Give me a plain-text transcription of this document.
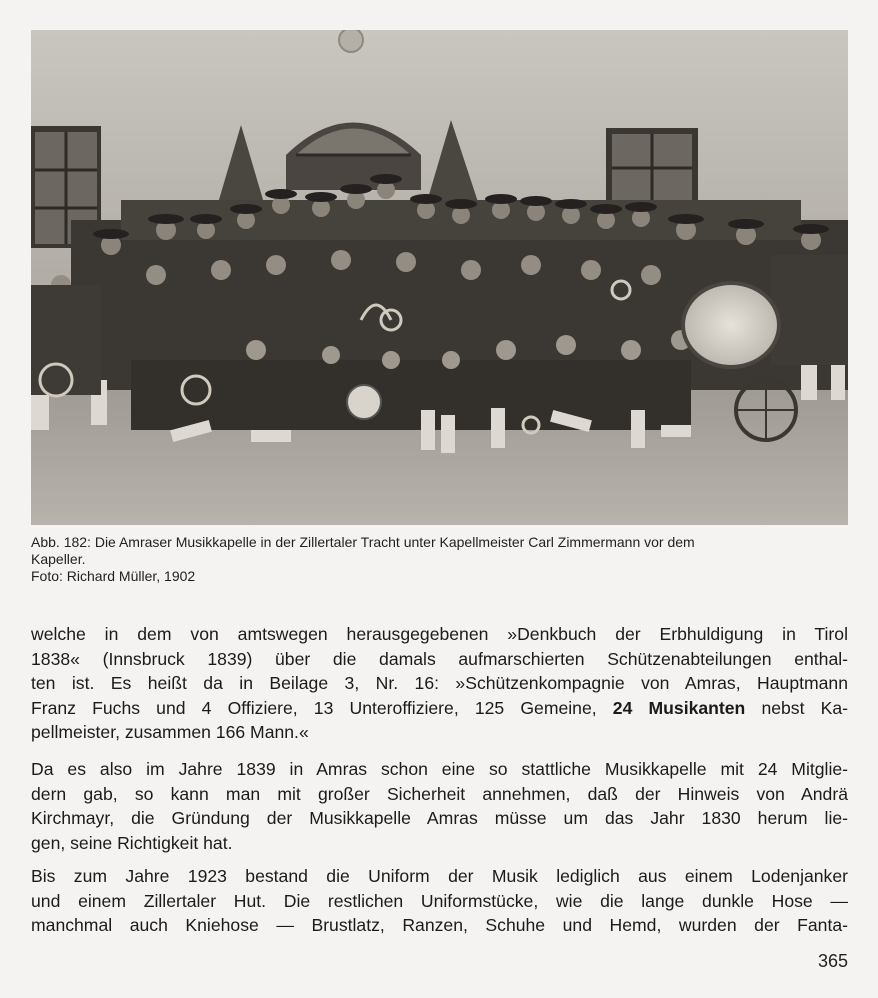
Abb. 182: Die Amraser Musikkapelle in der Zillertaler Tracht unter Kapellmeister Carl Zimmermann vor dem
Kapeller.
Foto: Richard Müller, 1902
welche in dem von amtswegen herausgegebenen »Denkbuch der Erbhuldigung in Tirol
1838« (Innsbruck 1839) über die damals aufmarschierten Schützenabteilungen enthal-
ten ist. Es heißt da in Beilage 3, Nr. 16: »Schützenkompagnie von Amras, Hauptmann
Franz Fuchs und 4 Offiziere, 13 Unteroffiziere, 125 Gemeine, 24 Musikanten nebst Ka-
pellmeister, zusammen 166 Mann.«
Da es also im Jahre 1839 in Amras schon eine so stattliche Musikkapelle mit 24 Mitglie-
dern gab, so kann man mit großer Sicherheit annehmen, daß der Hinweis von Andrä
Kirchmayr, die Gründung der Musikkapelle Amras müsse um das Jahr 1830 herum lie-
gen, seine Richtigkeit hat.
Bis zum Jahre 1923 bestand die Uniform der Musik lediglich aus einem Lodenjanker
und einem Zillertaler Hut. Die restlichen Uniformstücke, wie die lange dunkle Hose —
manchmal auch Kniehose — Brustlatz, Ranzen, Schuhe und Hemd, wurden der Fanta-
365
